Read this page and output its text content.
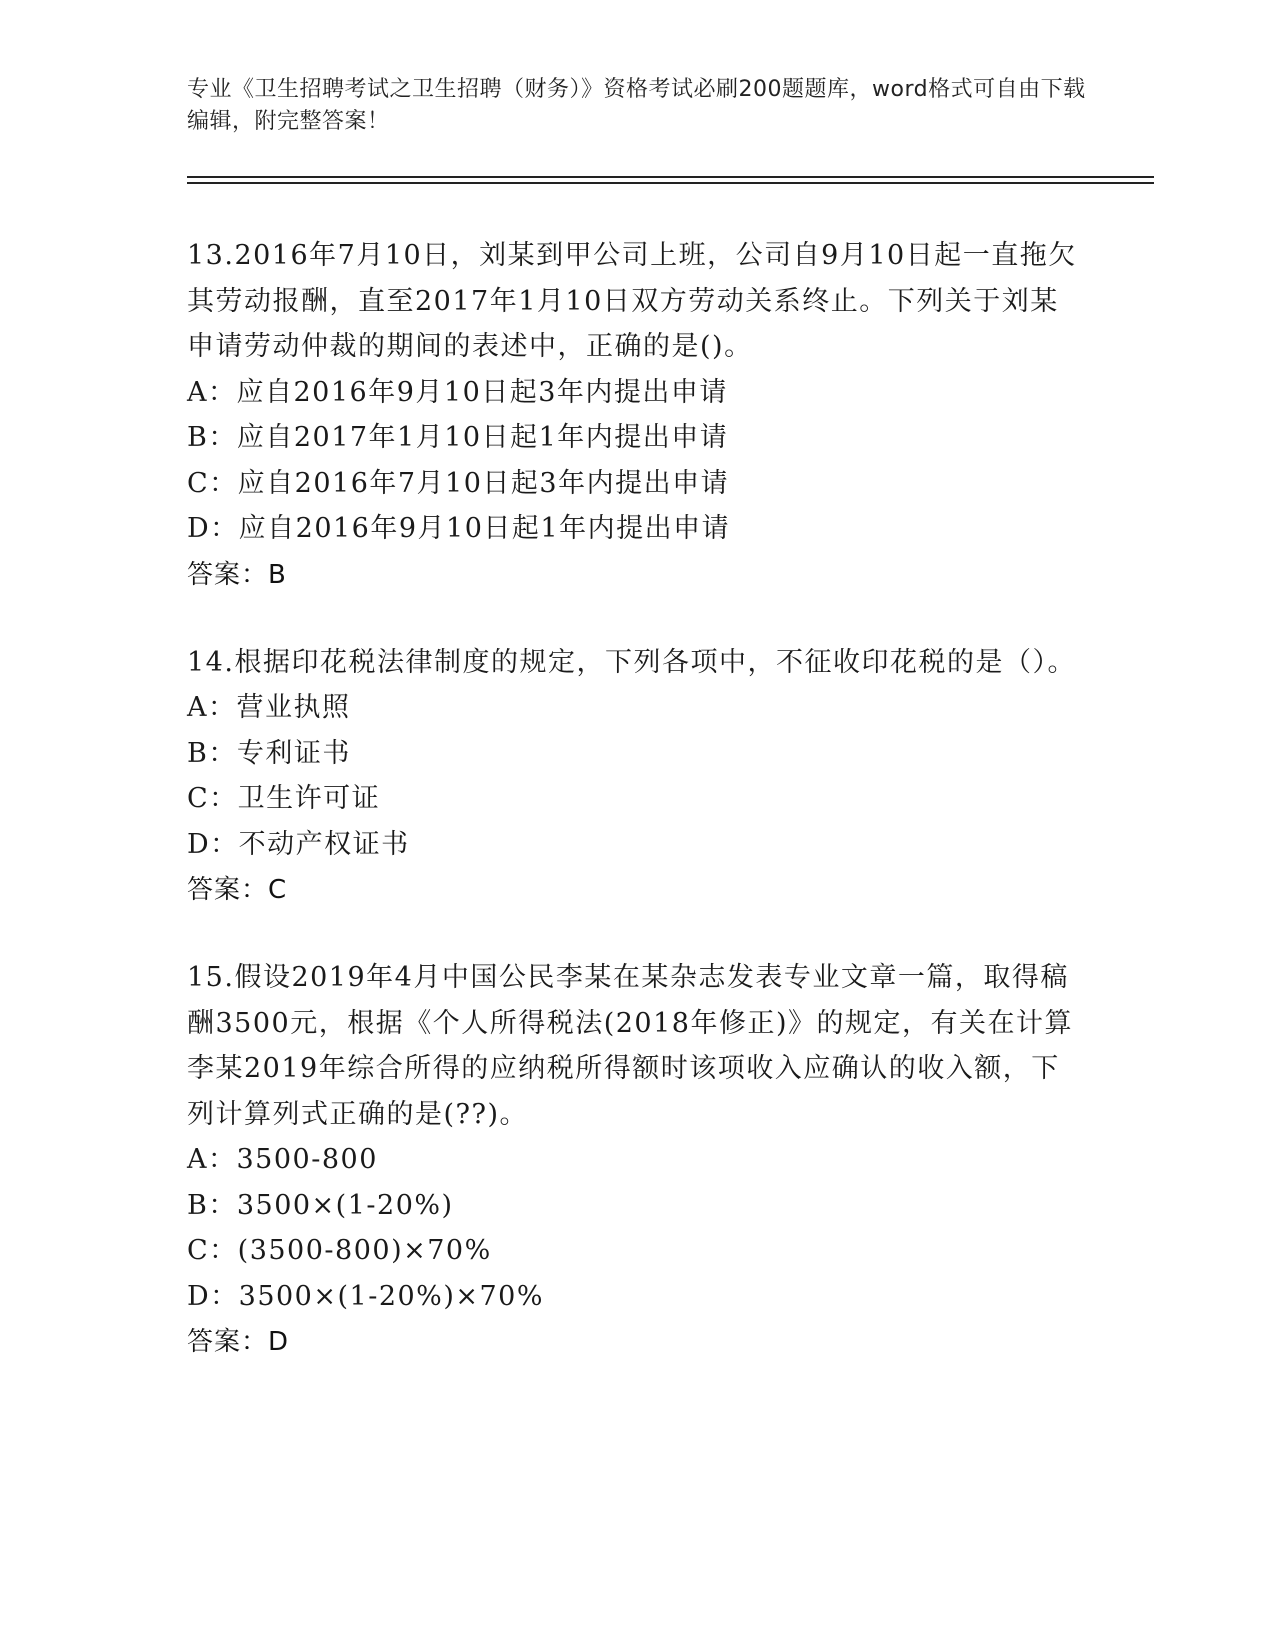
专业《卫生招聘考试之卫生招聘（财务）》资格考试必刷200题题库，word格式可自由下载编辑，附完整答案！

13.2016年7月10日，刘某到甲公司上班，公司自9月10日起一直拖欠其劳动报酬，直至2017年1月10日双方劳动关系终止。下列关于刘某申请劳动仲裁的期间的表述中，正确的是()。

A：应自2016年9月10日起3年内提出申请

B：应自2017年1月10日起1年内提出申请

C：应自2016年7月10日起3年内提出申请

D：应自2016年9月10日起1年内提出申请

答案：B

14.根据印花税法律制度的规定，下列各项中，不征收印花税的是（）。

A：营业执照

B：专利证书

C：卫生许可证

D：不动产权证书

答案：C

15.假设2019年4月中国公民李某在某杂志发表专业文章一篇，取得稿酬3500元，根据《个人所得税法(2018年修正)》的规定，有关在计算李某2019年综合所得的应纳税所得额时该项收入应确认的收入额，下列计算列式正确的是(??)。

A：3500-800

B：3500×(1-20%)

C：(3500-800)×70%

D：3500×(1-20%)×70%

答案：D
